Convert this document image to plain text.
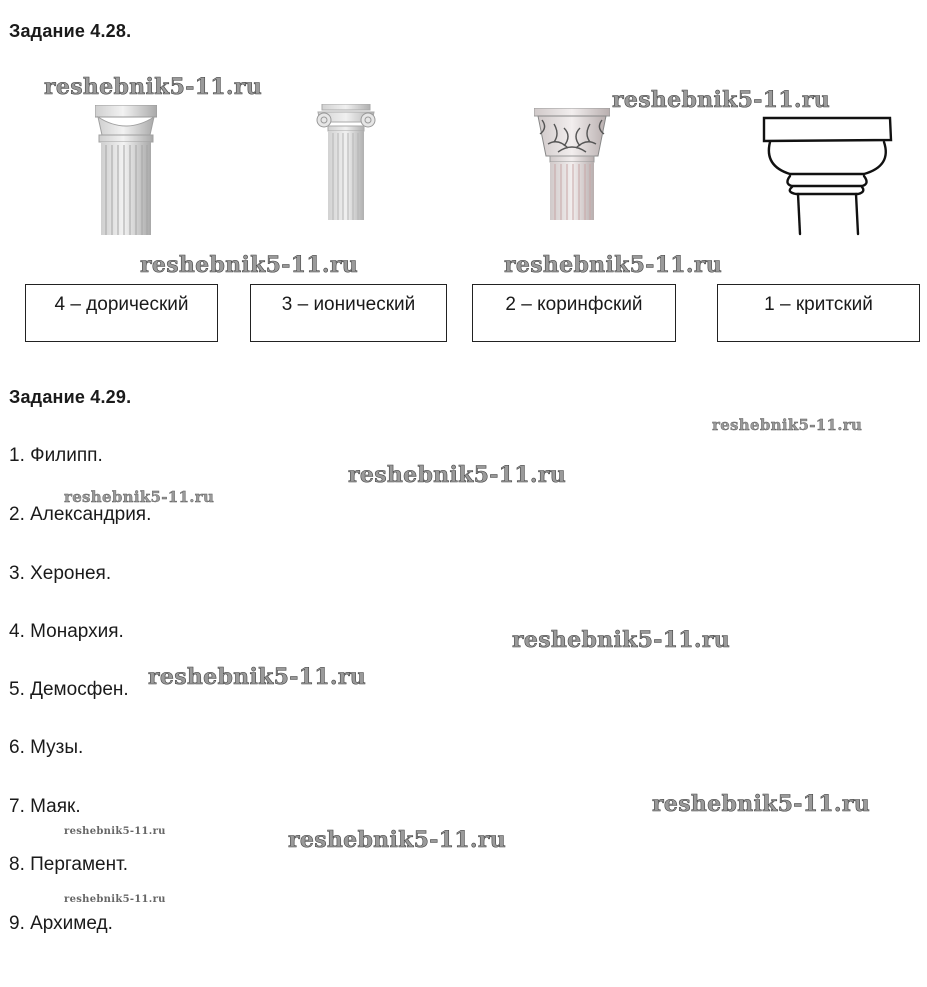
Задание 4.28.
4 – дорический	3 – ионический	2 – коринфский	1 – критский
Задание 4.29.
1. Филипп.
2. Александрия.
3. Херонея.
4. Монархия.
5. Демосфен.
6. Музы.
7. Маяк.
8. Пергамент.
9. Архимед.
reshebnik5-11.ru	reshebnik5-11.ru
reshebnik5-11.ru	reshebnik5-11.ru
reshebnik5-11.ru
reshebnik5-11.ru
reshebnik5-11.ru
reshebnik5-11.ru
reshebnik5-11.ru
reshebnik5-11.ru
reshebnik5-11.ru	reshebnik5-11.ru
reshebnik5-11.ru
